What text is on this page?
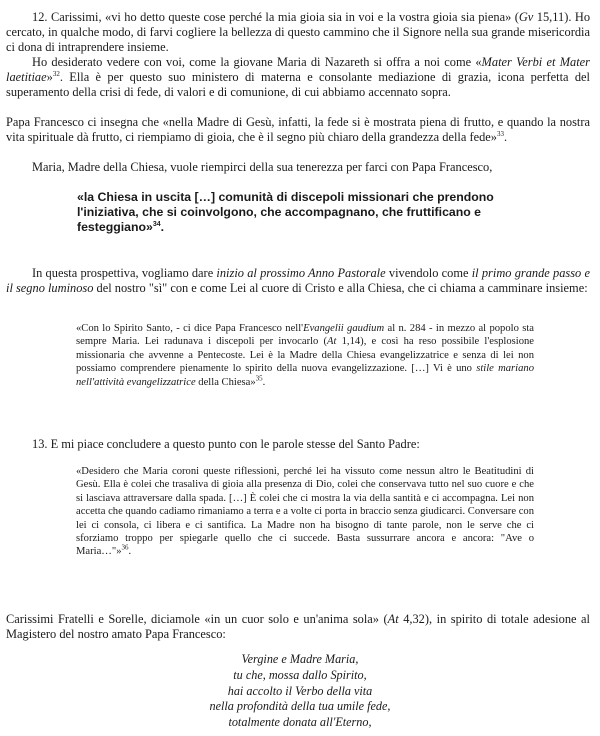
12. Carissimi, «vi ho detto queste cose perché la mia gioia sia in voi e la vostra gioia sia piena» (Gv 15,11). Ho cercato, in qualche modo, di farvi cogliere la bellezza di questo cammino che il Signore nella sua grande misericordia ci dona di intraprendere insieme.

Ho desiderato vedere con voi, come la giovane Maria di Nazareth si offra a noi come «Mater Verbi et Mater laetitiae»$^{32}$. Ella è per questo suo ministero di materna e consolante mediazione di grazia, icona perfetta del superamento della crisi di fede, di valori e di comunione, di cui abbiamo accennato sopra.

Papa Francesco ci insegna che «nella Madre di Gesù, infatti, la fede si è mostrata piena di frutto, e quando la nostra vita spirituale dà frutto, ci riempiamo di gioia, che è il segno più chiaro della grandezza della fede»$^{33}$.

Maria, Madre della Chiesa, vuole riempirci della sua tenerezza per farci con Papa Francesco,

«la Chiesa in uscita […] comunità di discepoli missionari che prendono l'iniziativa, che si coinvolgono, che accompagnano, che fruttificano e festeggiano»$^{34}$.

In questa prospettiva, vogliamo dare inizio al prossimo Anno Pastorale vivendolo come il primo grande passo e il segno luminoso del nostro "sì" con e come Lei al cuore di Cristo e alla Chiesa, che ci chiama a camminare insieme:

«Con lo Spirito Santo, - ci dice Papa Francesco nell'Evangelii gaudium al n. 284 - in mezzo al popolo sta sempre Maria. Lei radunava i discepoli per invocarlo (At 1,14), e così ha reso possibile l'esplosione missionaria che avvenne a Pentecoste. Lei è la Madre della Chiesa evangelizzatrice e senza di lei non possiamo comprendere pienamente lo spirito della nuova evangelizzazione. […] Vi è uno stile mariano nell'attività evangelizzatrice della Chiesa»$^{35}$.

13. E mi piace concludere a questo punto con le parole stesse del Santo Padre:

«Desidero che Maria coroni queste riflessioni, perché lei ha vissuto come nessun altro le Beatitudini di Gesù. Ella è colei che trasaliva di gioia alla presenza di Dio, colei che conservava tutto nel suo cuore e che si lasciava attraversare dalla spada. […] È colei che ci mostra la via della santità e ci accompagna. Lei non accetta che quando cadiamo rimaniamo a terra e a volte ci porta in braccio senza giudicarci. Conversare con lei ci consola, ci libera e ci santifica. La Madre non ha bisogno di tante parole, non le serve che ci sforziamo troppo per spiegarle quello che ci succede. Basta sussurrare ancora e ancora: "Ave o Maria…"»$^{36}$.

Carissimi Fratelli e Sorelle, diciamole «in un cuor solo e un'anima sola» (At 4,32), in spirito di totale adesione al Magistero del nostro amato Papa Francesco:

Vergine e Madre Maria,
tu che, mossa dallo Spirito,
hai accolto il Verbo della vita
nella profondità della tua umile fede,
totalmente donata all'Eterno,
